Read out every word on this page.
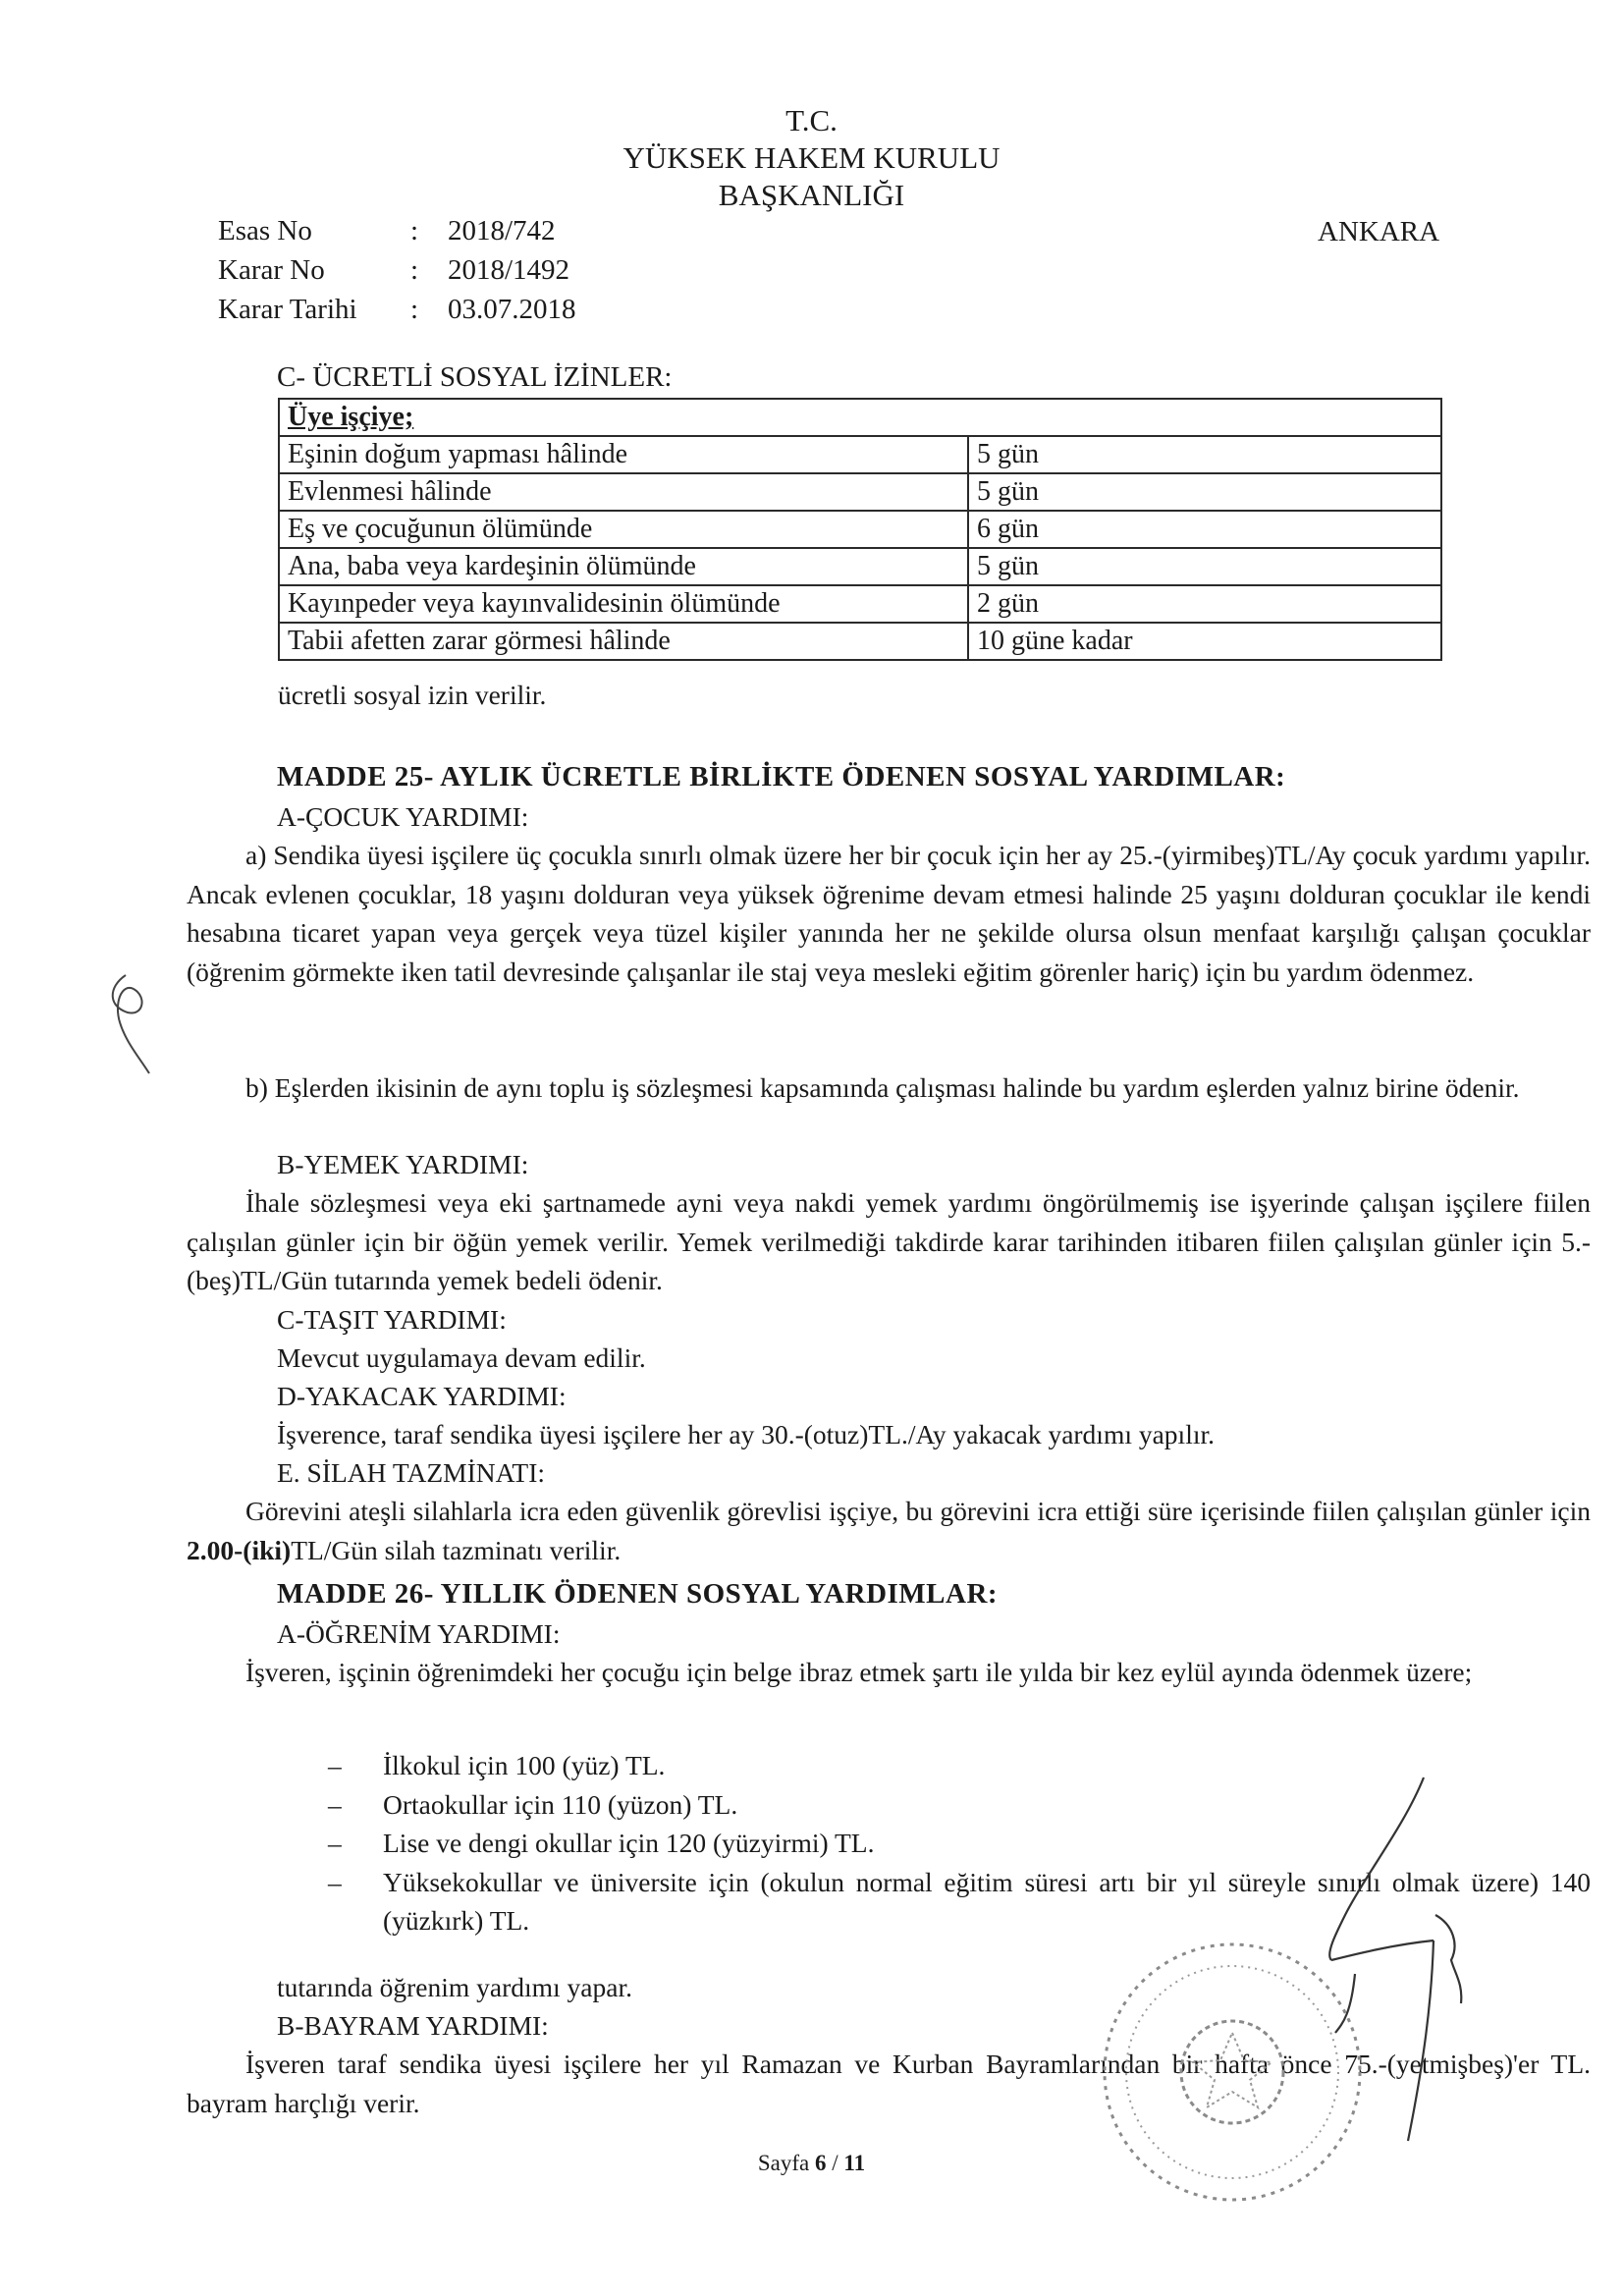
T.C.
YÜKSEK HAKEM KURULU
BAŞKANLIĞI
ANKARA
Esas No	: 2018/742
Karar No	: 2018/1492
Karar Tarihi : 03.07.2018
C- ÜCRETLİ SOSYAL İZİNLER:
Üye işçiye;	
Eşinin doğum yapması hâlinde	5 gün
Evlenmesi hâlinde	5 gün
Eş ve çocuğunun ölümünde	6 gün
Ana, baba veya kardeşinin ölümünde	5 gün
Kayınpeder veya kayınvalidesinin ölümünde	2 gün
Tabii afetten zarar görmesi hâlinde	10 güne kadar
ücretli sosyal izin verilir.
MADDE 25- AYLIK ÜCRETLE BİRLİKTE ÖDENEN SOSYAL YARDIMLAR:
A-ÇOCUK YARDIMI:
a) Sendika üyesi işçilere üç çocukla sınırlı olmak üzere her bir çocuk için her ay 25.-(yirmibeş)TL/Ay çocuk yardımı yapılır. Ancak evlenen çocuklar, 18 yaşını dolduran veya yüksek öğrenime devam etmesi halinde 25 yaşını dolduran çocuklar ile kendi hesabına ticaret yapan veya gerçek veya tüzel kişiler yanında her ne şekilde olursa olsun menfaat karşılığı çalışan çocuklar (öğrenim görmekte iken tatil devresinde çalışanlar ile staj veya mesleki eğitim görenler hariç) için bu yardım ödenmez.
b) Eşlerden ikisinin de aynı toplu iş sözleşmesi kapsamında çalışması halinde bu yardım eşlerden yalnız birine ödenir.
B-YEMEK YARDIMI:
İhale sözleşmesi veya eki şartnamede ayni veya nakdi yemek yardımı öngörülmemiş ise işyerinde çalışan işçilere fiilen çalışılan günler için bir öğün yemek verilir. Yemek verilmediği takdirde karar tarihinden itibaren fiilen çalışılan günler için 5.-(beş)TL/Gün tutarında yemek bedeli ödenir.
C-TAŞIT YARDIMI:
Mevcut uygulamaya devam edilir.
D-YAKACAK YARDIMI:
İşverence, taraf sendika üyesi işçilere her ay 30.-(otuz)TL./Ay yakacak yardımı yapılır.
E. SİLAH TAZMİNATI:
Görevini ateşli silahlarla icra eden güvenlik görevlisi işçiye, bu görevini icra ettiği süre içerisinde fiilen çalışılan günler için 2.00-(iki)TL/Gün silah tazminatı verilir.
MADDE 26- YILLIK ÖDENEN SOSYAL YARDIMLAR:
A-ÖĞRENİM YARDIMI:
İşveren, işçinin öğrenimdeki her çocuğu için belge ibraz etmek şartı ile yılda bir kez eylül ayında ödenmek üzere;
– İlkokul için 100 (yüz) TL.
– Ortaokullar için 110 (yüzon) TL.
– Lise ve dengi okullar için 120 (yüzyirmi) TL.
– Yüksekokullar ve üniversite için (okulun normal eğitim süresi artı bir yıl süreyle sınırlı olmak üzere) 140 (yüzkırk) TL.
tutarında öğrenim yardımı yapar.
B-BAYRAM YARDIMI:
İşveren taraf sendika üyesi işçilere her yıl Ramazan ve Kurban Bayramlarından bir hafta önce 75.-(yetmişbeş)'er TL. bayram harçlığı verir.
Sayfa 6 / 11
